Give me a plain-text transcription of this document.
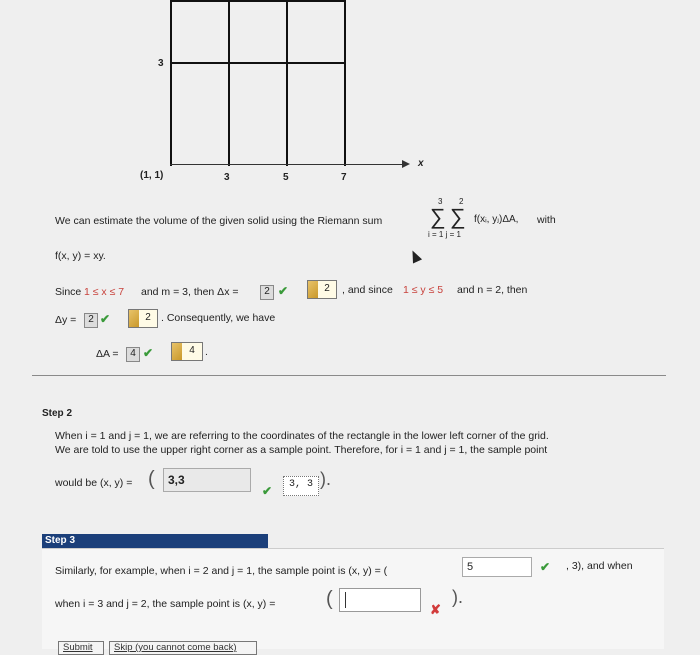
x
(1, 1)	3	5	7
3
We can estimate the volume of the given solid using the Riemann sum ∑ ∑
3 2
i = 1 j = 1
f(xᵢ, yⱼ)ΔA, with
f(x, y) = xy.
Since 1 ≤ x ≤ 7 and m = 3, then Δx =	2 ✔	2	, and since 1 ≤ y ≤ 5 and n = 2, then
Δy =	2 ✔	2 . Consequently, we have
ΔA =	4 ✔	4 .
Step 2
When i = 1 and j = 1, we are referring to the coordinates of the rectangle in the lower left corner of the grid.
We are told to use the upper right corner as a sample point. Therefore, for i = 1 and j = 1, the sample point
would be (x, y) = (	3,3
✔	3, 3 ).
Step 3
Similarly, for example, when i = 2 and j = 1, the sample point is (x, y) = (	5	✔ , 3), and when
when i = 3 and j = 2, the sample point is (x, y) =	(	✘
).
Submit	Skip (you cannot come back)
